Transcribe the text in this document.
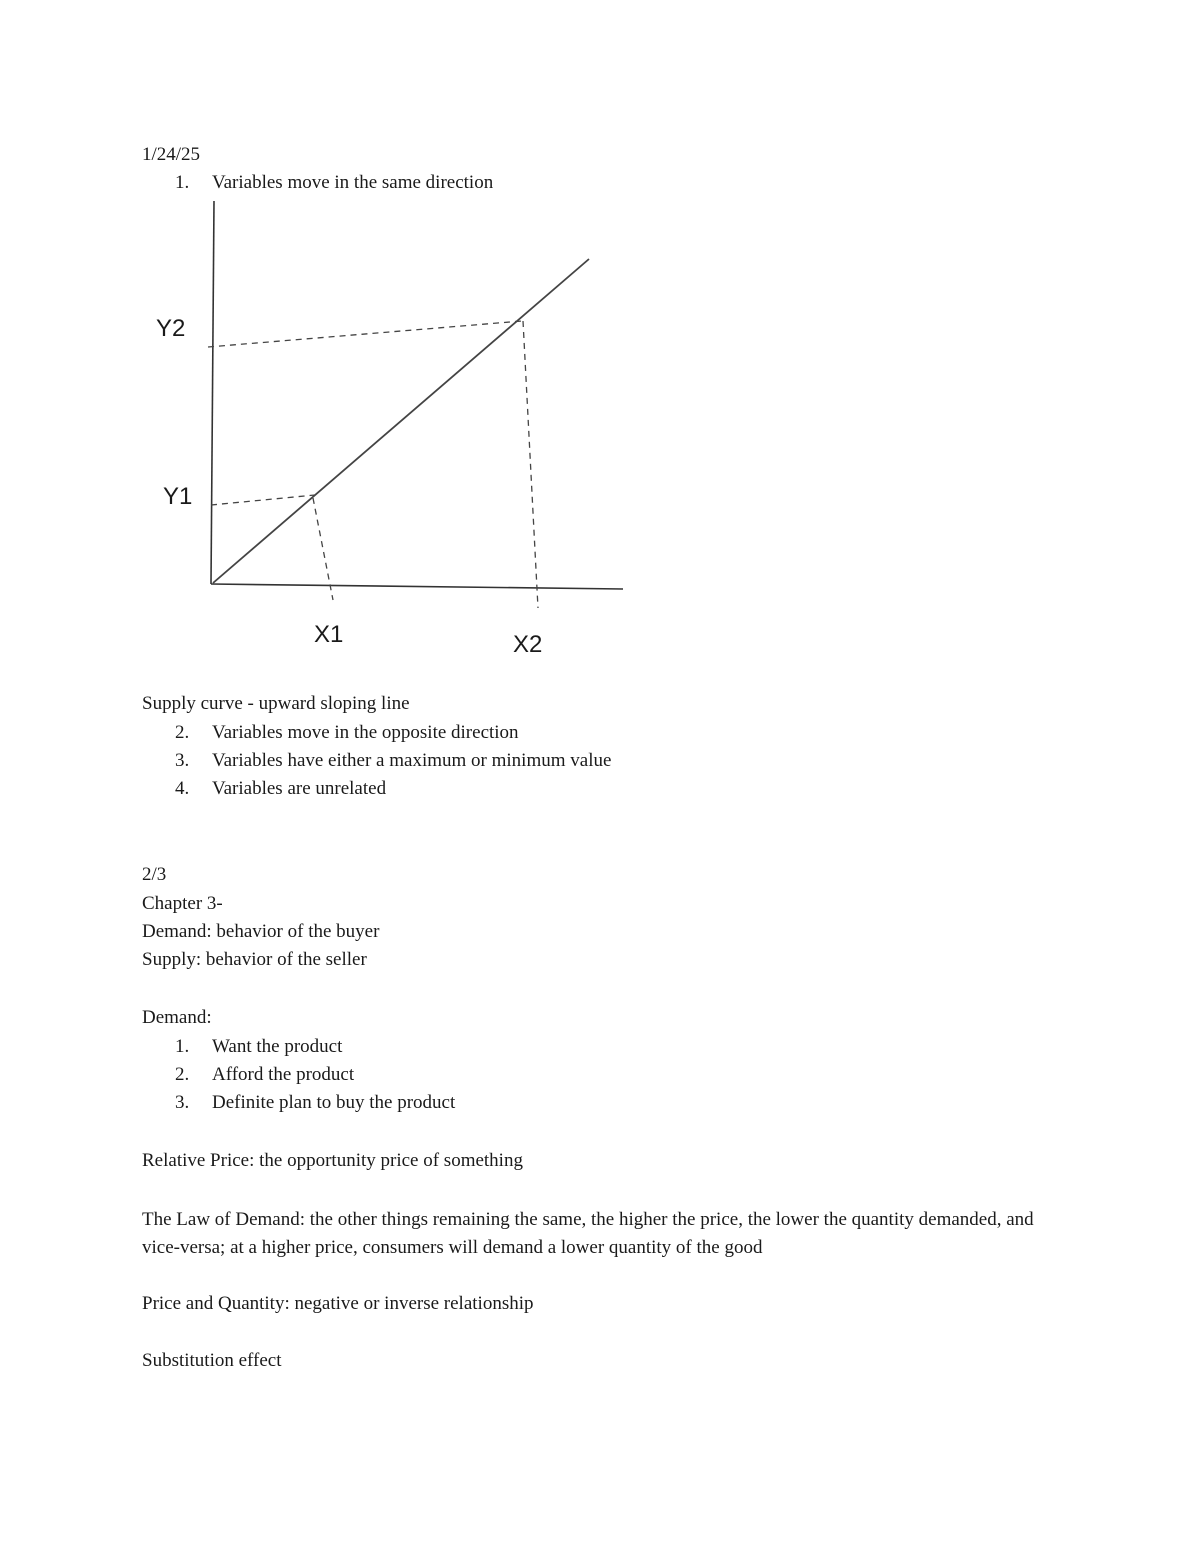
1/24/25
1.	Variables move in the same direction
Y2
Y1
X1	X2
Supply curve - upward sloping line
2.	Variables move in the opposite direction
3.	Variables have either a maximum or minimum value
4.	Variables are unrelated
2/3
Chapter 3-
Demand: behavior of the buyer
Supply: behavior of the seller
Demand:
1.	Want the product
2.	Afford the product
3.	Definite plan to buy the product
Relative Price: the opportunity price of something
The Law of Demand: the other things remaining the same, the higher the price, the lower the quantity demanded, and vice-versa; at a higher price, consumers will demand a lower quantity of the good
Price and Quantity: negative or inverse relationship
Substitution effect
